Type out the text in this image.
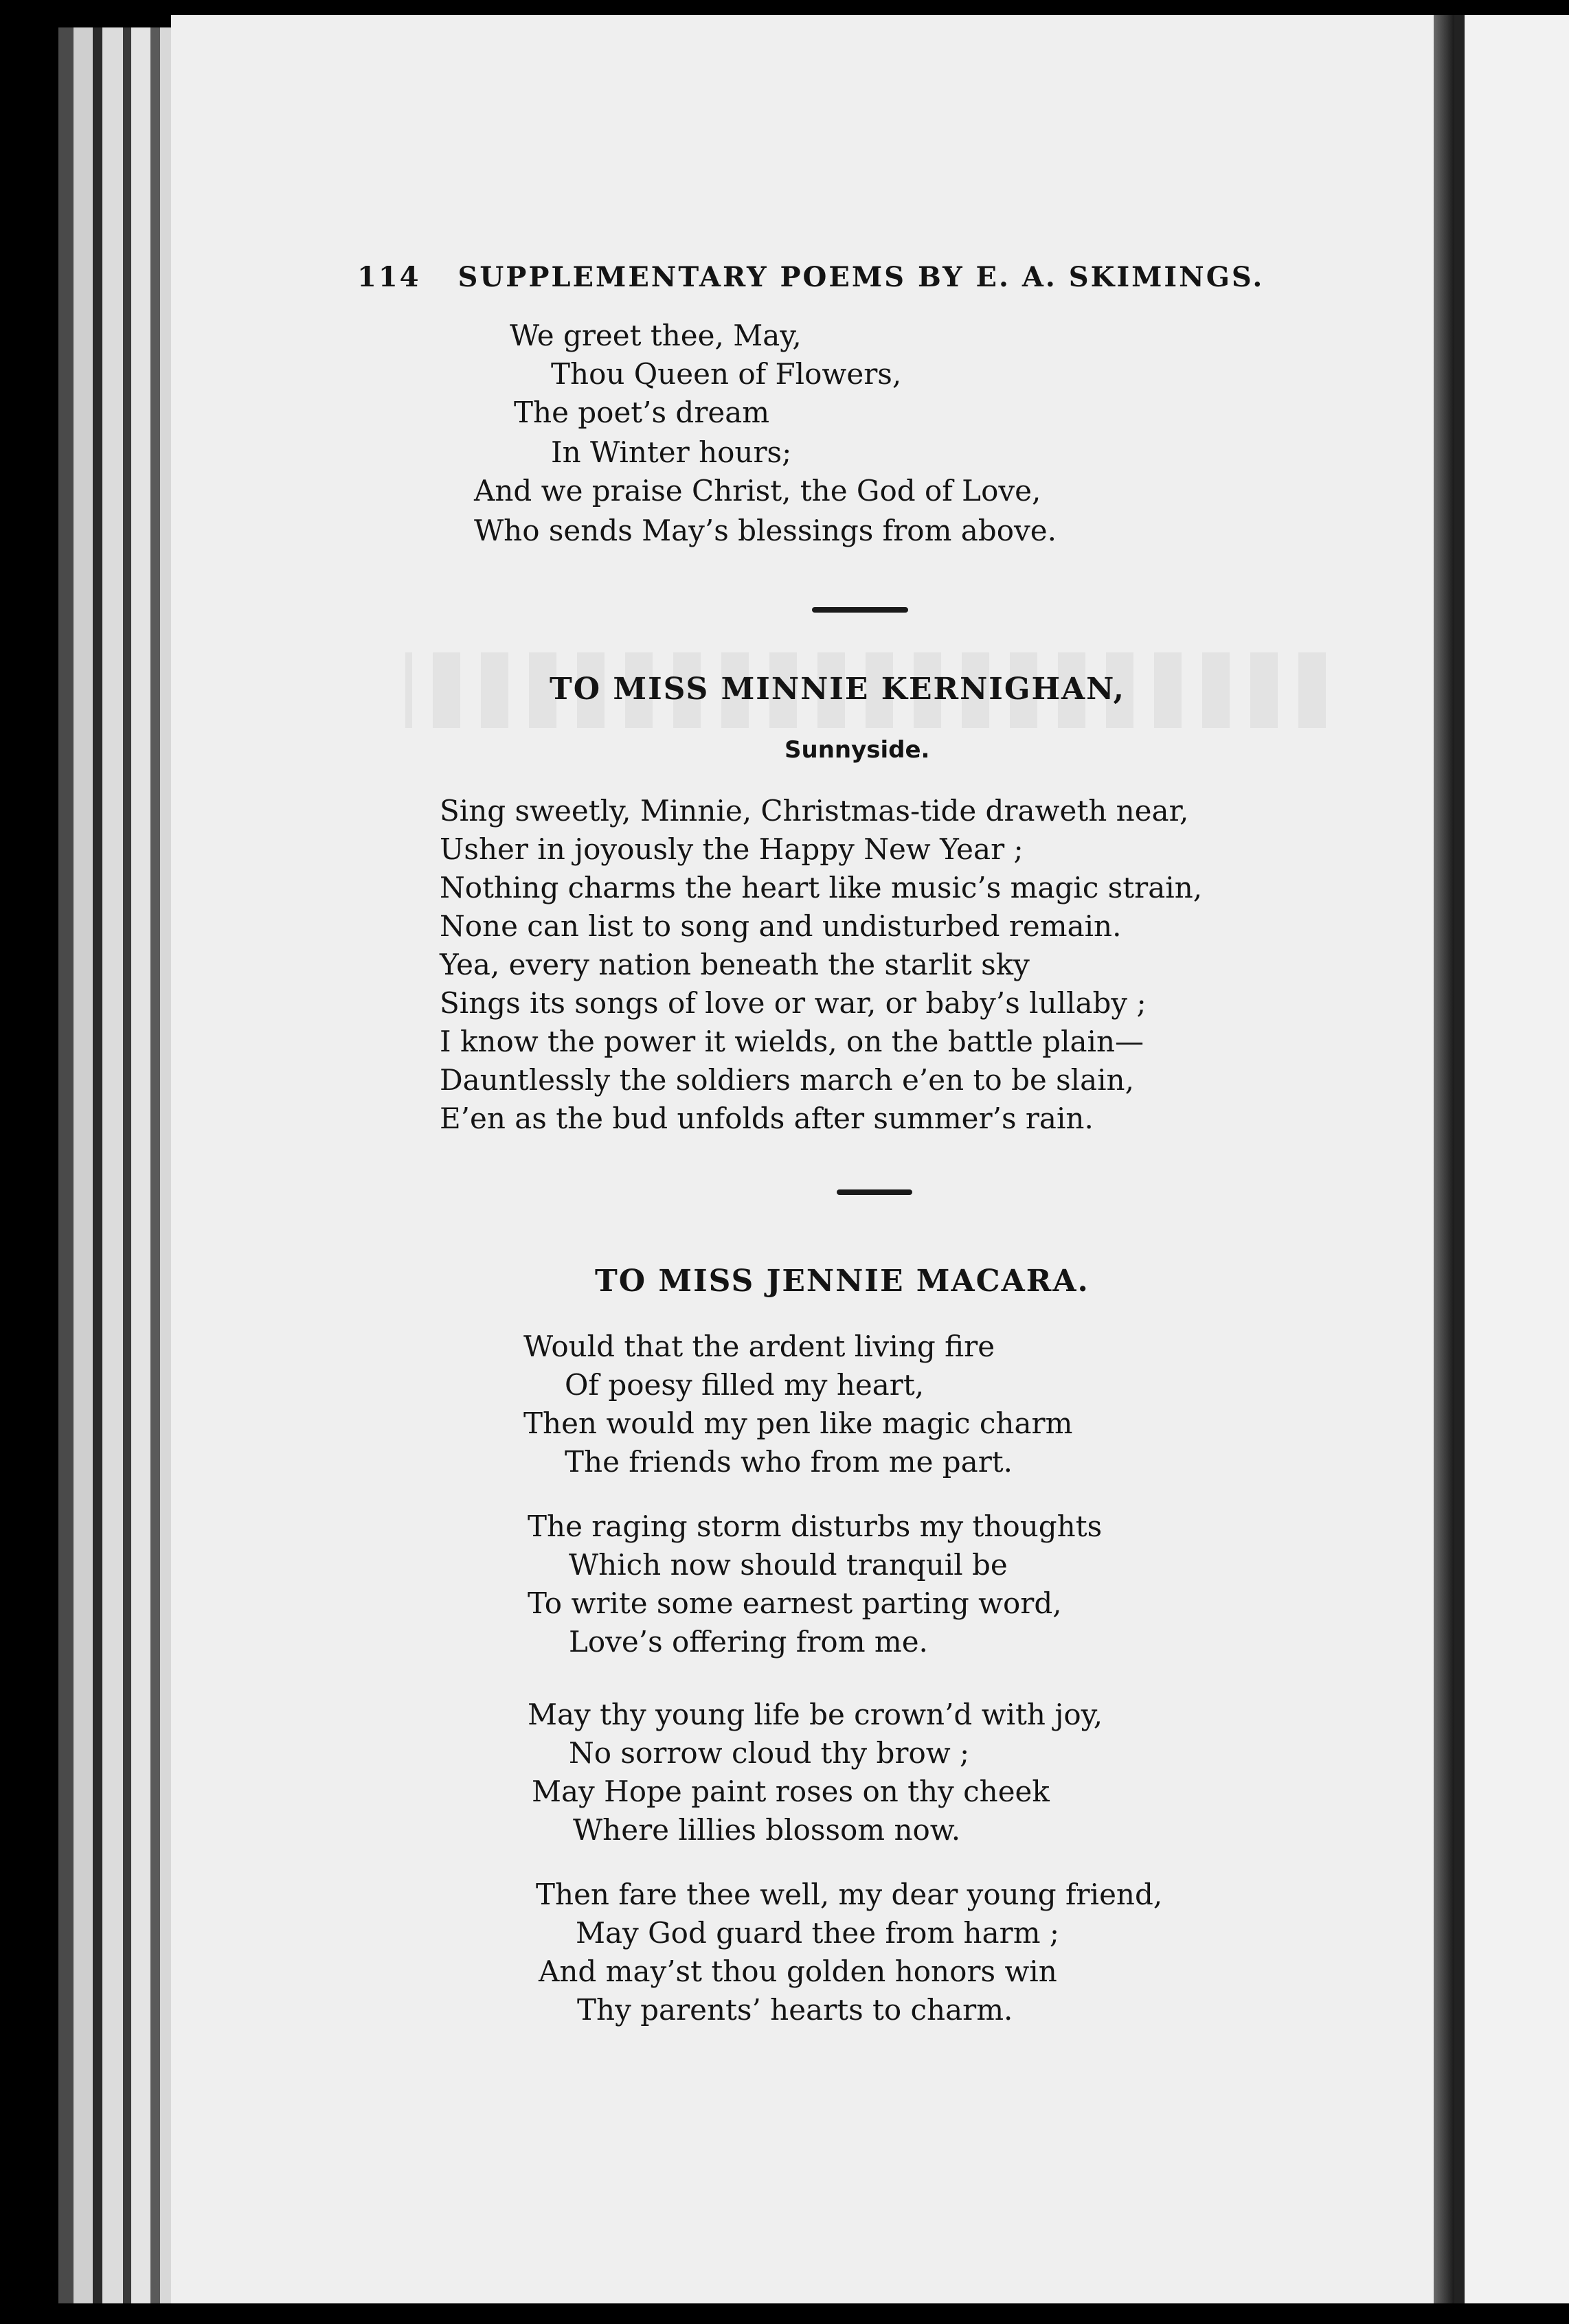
114 SUPPLEMENTARY POEMS BY E. A. SKIMINGS.
We greet thee, May,
Thou Queen of Flowers,
The poet’s dream
In Winter hours;
And we praise Christ, the God of Love,
Who sends May’s blessings from above.
TO MISS MINNIE KERNIGHAN,
Sunnyside.
Sing sweetly, Minnie, Christmas-tide draweth near,
Usher in joyously the Happy New Year ;
Nothing charms the heart like music’s magic strain,
None can list to song and undisturbed remain.
Yea, every nation beneath the starlit sky
Sings its songs of love or war, or baby’s lullaby ;
I know the power it wields, on the battle plain—
Dauntlessly the soldiers march e’en to be slain,
E’en as the bud unfolds after summer’s rain.
TO MISS JENNIE MACARA.
Would that the ardent living fire
Of poesy filled my heart,
Then would my pen like magic charm
The friends who from me part.
The raging storm disturbs my thoughts
Which now should tranquil be
To write some earnest parting word,
Love’s offering from me.
May thy young life be crown’d with joy,
No sorrow cloud thy brow ;
May Hope paint roses on thy cheek
Where lillies blossom now.
Then fare thee well, my dear young friend,
May God guard thee from harm ;
And may’st thou golden honors win
Thy parents’ hearts to charm.
